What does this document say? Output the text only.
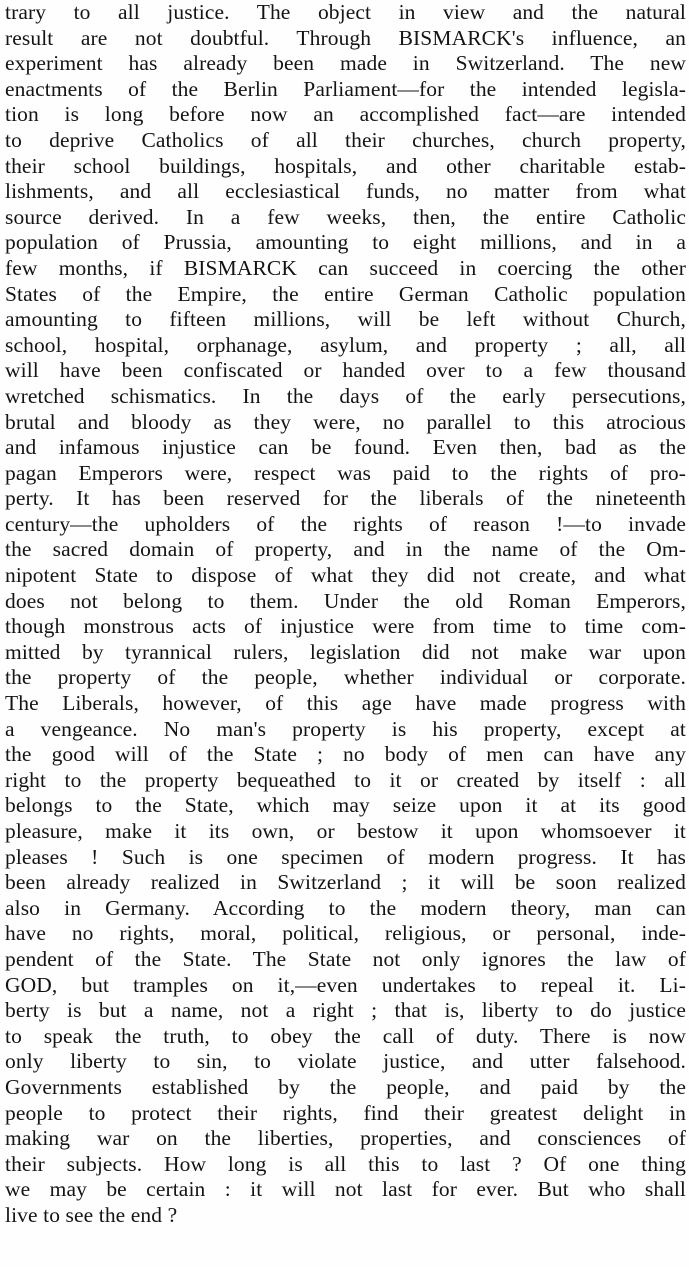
trary to all justice. The object in view and the natural
result are not doubtful. Through BISMARCK's influence, an
experiment has already been made in Switzerland. The new
enactments of the Berlin Parliament—for the intended legisla-
tion is long before now an accomplished fact—are intended
to deprive Catholics of all their churches, church property,
their school buildings, hospitals, and other charitable estab-
lishments, and all ecclesiastical funds, no matter from what
source derived. In a few weeks, then, the entire Catholic
population of Prussia, amounting to eight millions, and in a
few months, if BISMARCK can succeed in coercing the other
States of the Empire, the entire German Catholic population
amounting to fifteen millions, will be left without Church,
school, hospital, orphanage, asylum, and property ; all, all
will have been confiscated or handed over to a few thousand
wretched schismatics. In the days of the early persecutions,
brutal and bloody as they were, no parallel to this atrocious
and infamous injustice can be found. Even then, bad as the
pagan Emperors were, respect was paid to the rights of pro-
perty. It has been reserved for the liberals of the nineteenth
century—the upholders of the rights of reason !—to invade
the sacred domain of property, and in the name of the Om-
nipotent State to dispose of what they did not create, and what
does not belong to them. Under the old Roman Emperors,
though monstrous acts of injustice were from time to time com-
mitted by tyrannical rulers, legislation did not make war upon
the property of the people, whether individual or corporate.
The Liberals, however, of this age have made progress with
a vengeance. No man's property is his property, except at
the good will of the State ; no body of men can have any
right to the property bequeathed to it or created by itself : all
belongs to the State, which may seize upon it at its good
pleasure, make it its own, or bestow it upon whomsoever it
pleases ! Such is one specimen of modern progress. It has
been already realized in Switzerland ; it will be soon realized
also in Germany. According to the modern theory, man can
have no rights, moral, political, religious, or personal, inde-
pendent of the State. The State not only ignores the law of
GOD, but tramples on it,—even undertakes to repeal it. Li-
berty is but a name, not a right ; that is, liberty to do justice
to speak the truth, to obey the call of duty. There is now
only liberty to sin, to violate justice, and utter falsehood.
Governments established by the people, and paid by the
people to protect their rights, find their greatest delight in
making war on the liberties, properties, and consciences of
their subjects. How long is all this to last ? Of one thing
we may be certain : it will not last for ever. But who shall
live to see the end ?
